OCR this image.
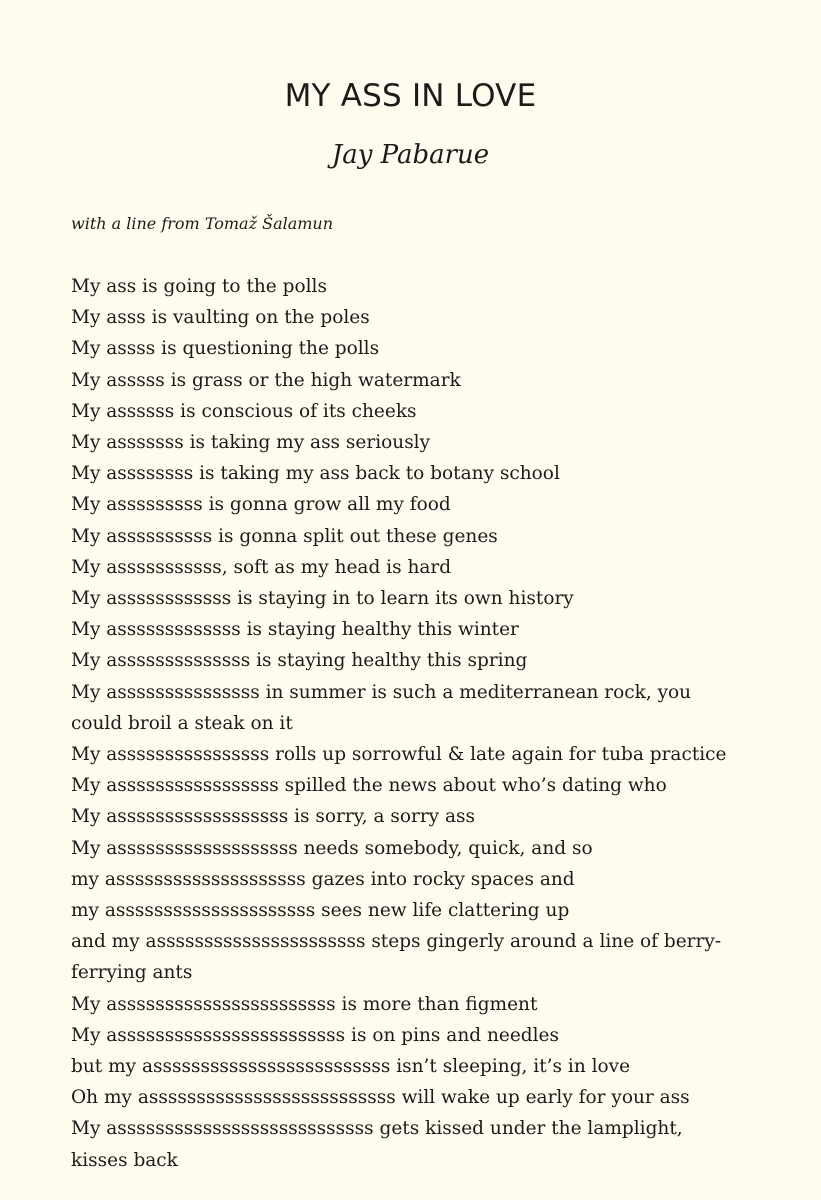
MY ASS IN LOVE
Jay Pabarue
with a line from Tomaž Šalamun
My ass is going to the polls
My asss is vaulting on the poles
My assss is questioning the polls
My asssss is grass or the high watermark
My assssss is conscious of its cheeks
My asssssss is taking my ass seriously
My assssssss is taking my ass back to botany school
My asssssssss is gonna grow all my food
My assssssssss is gonna split out these genes
My asssssssssss, soft as my head is hard
My assssssssssss is staying in to learn its own history
My asssssssssssss is staying healthy this winter
My assssssssssssss is staying healthy this spring
My asssssssssssssss in summer is such a mediterranean rock, you
could broil a steak on it
My assssssssssssssss rolls up sorrowful & late again for tuba practice
My asssssssssssssssss spilled the news about who’s dating who
My assssssssssssssssss is sorry, a sorry ass
My asssssssssssssssssss needs somebody, quick, and so
my assssssssssssssssssss gazes into rocky spaces and
my asssssssssssssssssssss sees new life clattering up
and my assssssssssssssssssssss steps gingerly around a line of berry-
ferrying ants
My asssssssssssssssssssssss is more than figment
My assssssssssssssssssssssss is on pins and needles
but my asssssssssssssssssssssssss isn’t sleeping, it’s in love
Oh my assssssssssssssssssssssssss will wake up early for your ass
My asssssssssssssssssssssssssss gets kissed under the lamplight,
kisses back
